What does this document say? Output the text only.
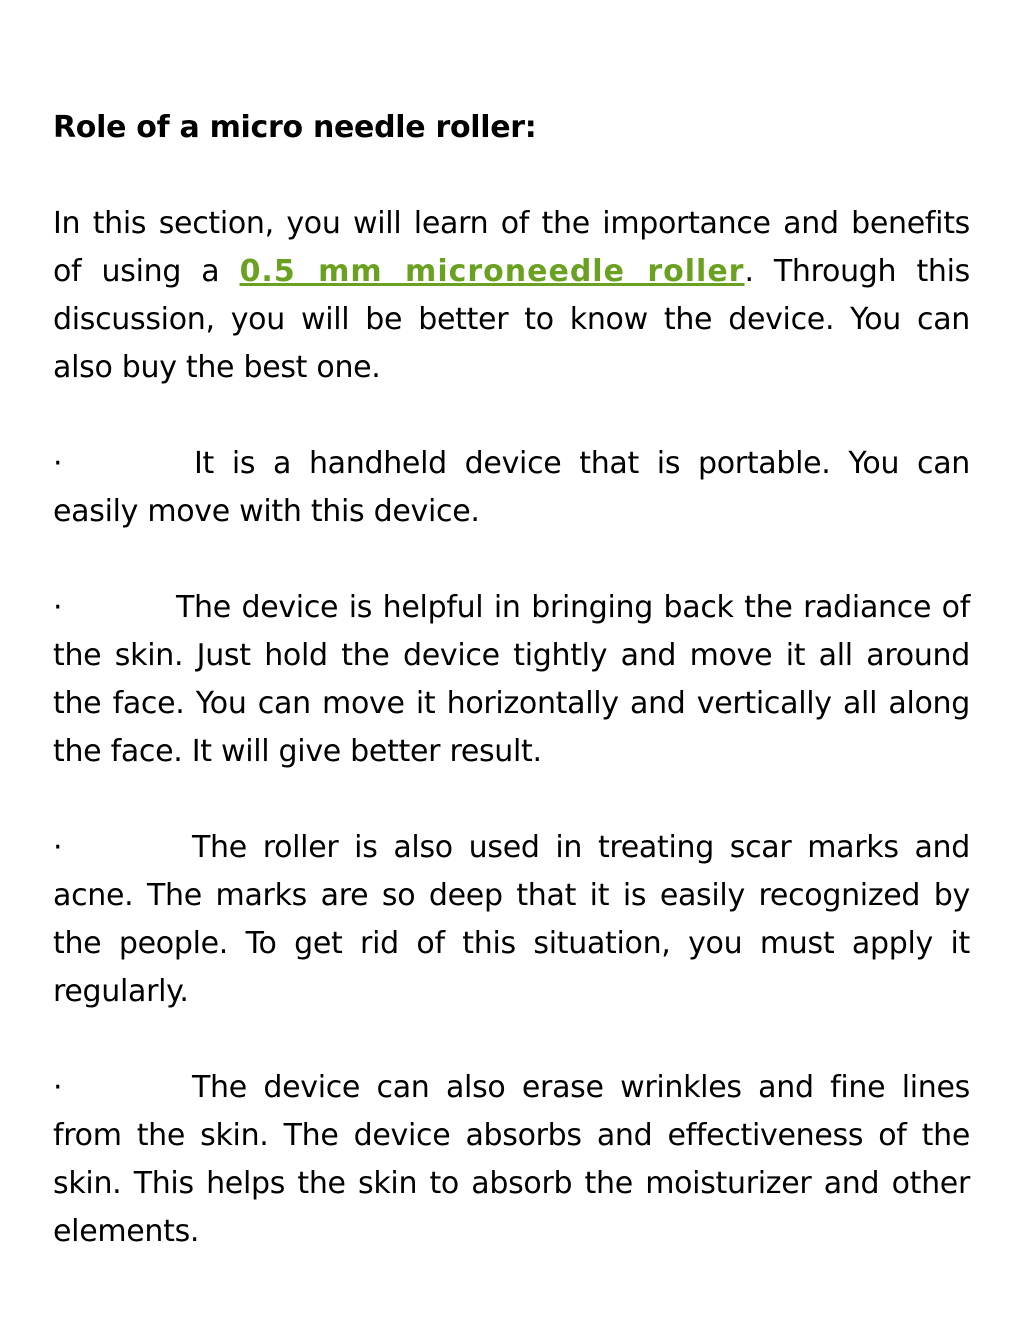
Role of a micro needle roller:

In this section, you will learn of the importance and benefits of using a 0.5 mm microneedle roller. Through this discussion, you will be better to know the device. You can also buy the best one.

·	It is a handheld device that is portable. You can easily move with this device.

·	The device is helpful in bringing back the radiance of the skin. Just hold the device tightly and move it all around the face. You can move it horizontally and vertically all along the face. It will give better result.

·	The roller is also used in treating scar marks and acne. The marks are so deep that it is easily recognized by the people. To get rid of this situation, you must apply it regularly.

·	The device can also erase wrinkles and fine lines from the skin. The device absorbs and effectiveness of the skin. This helps the skin to absorb the moisturizer and other elements.
